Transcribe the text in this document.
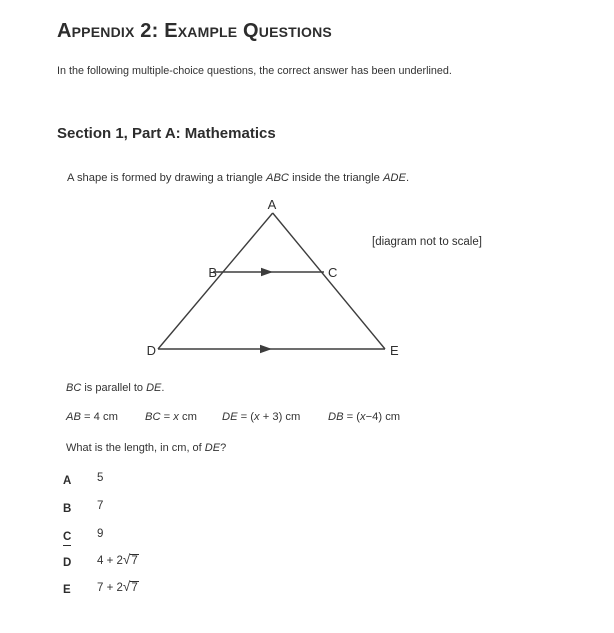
Appendix 2: Example Questions

In the following multiple-choice questions, the correct answer has been underlined.

Section 1, Part A: Mathematics

A shape is formed by drawing a triangle ABC inside the triangle ADE.

A
B	C
D	E
[diagram not to scale]

BC is parallel to DE.

AB = 4 cm BC = x cm DE = (x + 3) cm DB = (x−4) cm

What is the length, in cm, of DE?

A 5
B 7
C 9
D 4 + 2√7
E 7 + 2√7
